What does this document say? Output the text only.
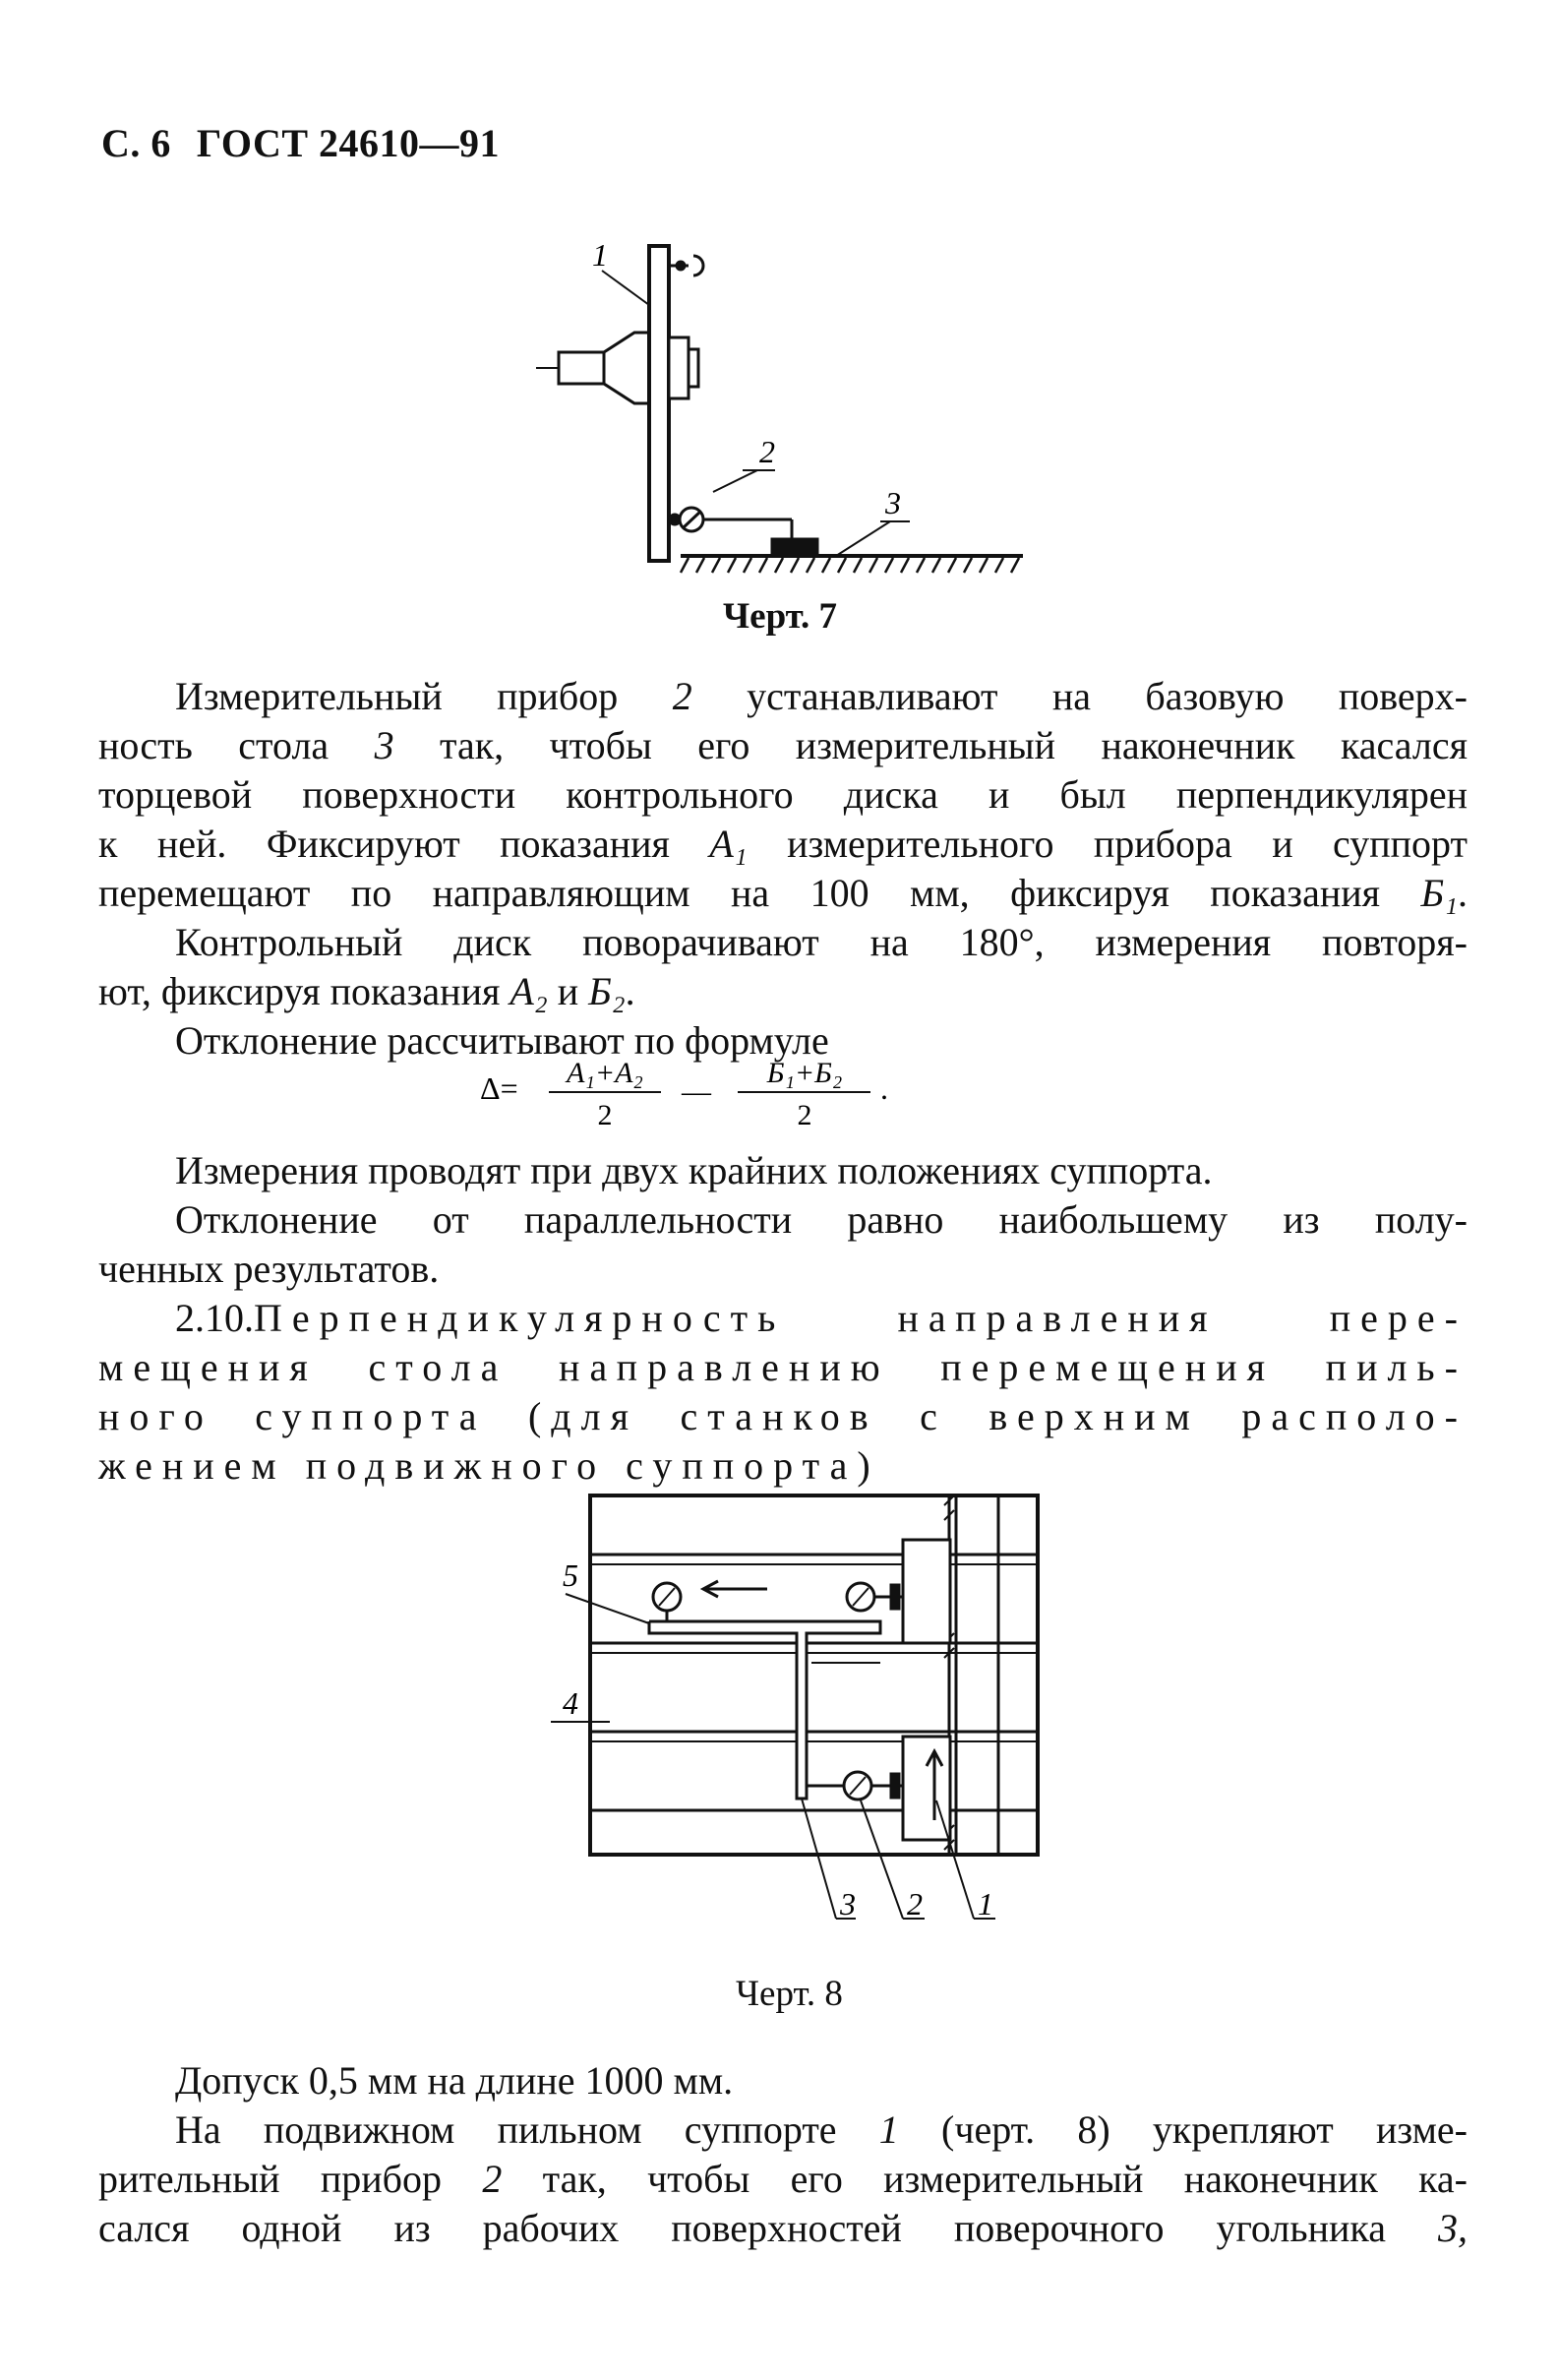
С. 6 ГОСТ 24610—91
1
2
3
Черт. 7
Измерительный прибор 2 устанавливают на базовую поверх-
ность стола 3 так, чтобы его измерительный наконечник касался
торцевой поверхности контрольного диска и был перпендикулярен
к ней. Фиксируют показания A₁ измерительного прибора и суппорт
перемещают по направляющим на 100 мм, фиксируя показания Б₁.
Контрольный диск поворачивают на 180°, измерения повторя-
ют, фиксируя показания A₂ и Б₂.
Отклонение рассчитывают по формуле
Δ= A₁+A₂
2
—
Б₁+Б₂
2
.
Измерения проводят при двух крайних положениях суппорта.
Отклонение от параллельности равно наибольшему из полу-
ченных результатов.
2.10.Перпендикулярность направления пере-
мещения стола направлению перемещения пиль-
ного суппорта (для станков с верхним располо-
жением подвижного суппорта)
5
4
3 2 1
Черт. 8
Допуск 0,5 мм на длине 1000 мм.
На подвижном пильном суппорте 1 (черт. 8) укрепляют изме-
рительный прибор 2 так, чтобы его измерительный наконечник ка-
сался одной из рабочих поверхностей поверочного угольника 3,
